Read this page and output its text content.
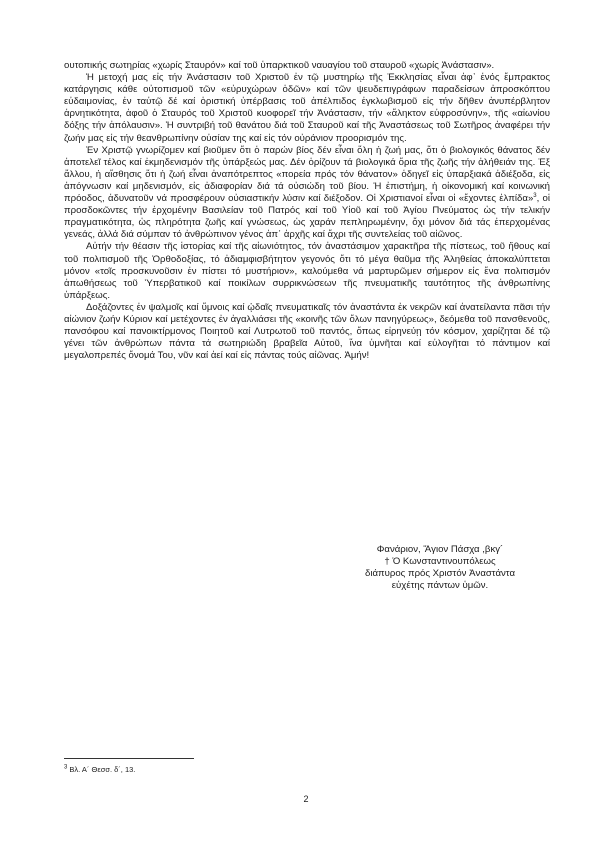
ουτοπικής σωτηρίας «χωρίς Σταυρόν» καί τοῦ ὑπαρκτικοῦ ναυαγίου τοῦ σταυροῦ «χωρίς Ἀνάστασιν».

Ἡ μετοχή μας εἰς τήν Ἀνάστασιν τοῦ Χριστοῦ ἐν τῷ μυστηρίῳ τῆς Ἐκκλησίας εἶναι ἀφ᾽ ἑνός ἔμπρακτος κατάργησις κάθε οὐτοπισμοῦ τῶν «εὐρυχώρων ὁδῶν» καί τῶν ψευδεπιγράφων παραδείσων ἀπροσκόπτου εὐδαιμονίας, ἐν ταὐτῷ δέ καί ὁριστική ὑπέρβασις τοῦ ἀπέλπιδος ἐγκλωβισμοῦ εἰς τήν δῆθεν ἀνυπέρβλητον ἀρνητικότητα, ἀφοῦ ὁ Σταυρός τοῦ Χριστοῦ κυοφορεῖ τήν Ἀνάστασιν, τήν «ἄληκτον εὐφροσύνην», τῆς «αἰωνίου δόξης τήν ἀπόλαυσιν». Ἡ συντριβή τοῦ θανάτου διά τοῦ Σταυροῦ καί τῆς Ἀναστάσεως τοῦ Σωτῆρος ἀναφέρει τήν ζωήν μας εἰς τήν θεανθρωπίνην οὐσίαν της καί εἰς τόν οὐράνιον προορισμόν της.

Ἐν Χριστῷ γνωρίζομεν καί βιοῦμεν ὅτι ὁ παρών βίος δέν εἶναι ὅλη ἡ ζωή μας, ὅτι ὁ βιολογικός θάνατος δέν ἀποτελεῖ τέλος καί ἐκμηδενισμόν τῆς ὑπάρξεώς μας. Δέν ὁρίζουν τά βιολογικά ὅρια τῆς ζωῆς τήν ἀλήθειάν της. Ἐξ ἄλλου, ἡ αἴσθησις ὅτι ἡ ζωή εἶναι ἀναπότρεπτος «πορεία πρός τόν θάνατον» ὁδηγεῖ εἰς ὑπαρξιακά ἀδιέξοδα, εἰς ἀπόγνωσιν καί μηδενισμόν, εἰς ἀδιαφορίαν διά τά οὐσιώδη τοῦ βίου. Ἡ ἐπιστήμη, ἡ οἰκονομική καί κοινωνική πρόοδος, ἀδυνατοῦν νά προσφέρουν οὐσιαστικήν λύσιν καί διέξοδον. Οἱ Χριστιανοί εἶναι οἱ «ἔχοντες ἐλπίδα»$^3$, οἱ προσδοκῶντες τήν ἐρχομένην Βασιλείαν τοῦ Πατρός καί τοῦ Υἱοῦ καί τοῦ Ἁγίου Πνεύματος ὡς τήν τελικήν πραγματικότητα, ὡς πληρότητα ζωῆς καί γνώσεως, ὡς χαράν πεπληρωμένην, ὄχι μόνον διά τάς ἐπερχομένας γενεάς, ἀλλά διά σύμπαν τό ἀνθρώπινον γένος ἀπ᾽ ἀρχῆς καί ἄχρι τῆς συντελείας τοῦ αἰῶνος.

Αὐτήν τήν θέασιν τῆς ἱστορίας καί τῆς αἰωνιότητος, τόν ἀναστάσιμον χαρακτῆρα τῆς πίστεως, τοῦ ἤθους καί τοῦ πολιτισμοῦ τῆς Ὀρθοδοξίας, τό ἀδιαμφισβήτητον γεγονός ὅτι τό μέγα θαῦμα τῆς Ἀληθείας ἀποκαλύπτεται μόνον «τοῖς προσκυνοῦσιν ἐν πίστει τό μυστήριον», καλούμεθα νά μαρτυρῶμεν σήμερον εἰς ἕνα πολιτισμόν ἀπωθήσεως τοῦ Ὑπερβατικοῦ καί ποικίλων συρρικνώσεων τῆς πνευματικῆς ταυτότητος τῆς ἀνθρωπίνης ὑπάρξεως.

Δοξάζοντες ἐν ψαλμοῖς καί ὕμνοις καί ᾠδαῖς πνευματικαῖς τόν ἀναστάντα ἐκ νεκρῶν καί ἀνατείλαντα πᾶσι τήν αἰώνιον ζωήν Κύριον καί μετέχοντες ἐν ἀγαλλιάσει τῆς «κοινῆς τῶν ὅλων πανηγύρεως», δεόμεθα τοῦ πανσθενοῦς, πανσόφου καί πανοικτίρμονος Ποιητοῦ καί Λυτρωτοῦ τοῦ παντός, ὅπως εἰρηνεύῃ τόν κόσμον, χαρίζηται δέ τῷ γένει τῶν ἀνθρώπων πάντα τά σωτηριώδη βραβεῖα Αὐτοῦ, ἵνα ὑμνῆται καί εὐλογῆται τό πάντιμον καί μεγαλοπρεπές ὄνομά Του, νῦν καί ἀεί καί εἰς πάντας τούς αἰῶνας. Ἀμήν!

Φανάριον, Ἅγιον Πάσχα ,βκγ´
† Ὁ Κωνσταντινουπόλεως
διάπυρος πρός Χριστόν Ἀναστάντα
εὐχέτης πάντων ὑμῶν.
$^3$ Βλ. Α´ Θεσσ. δ´, 13.
2
